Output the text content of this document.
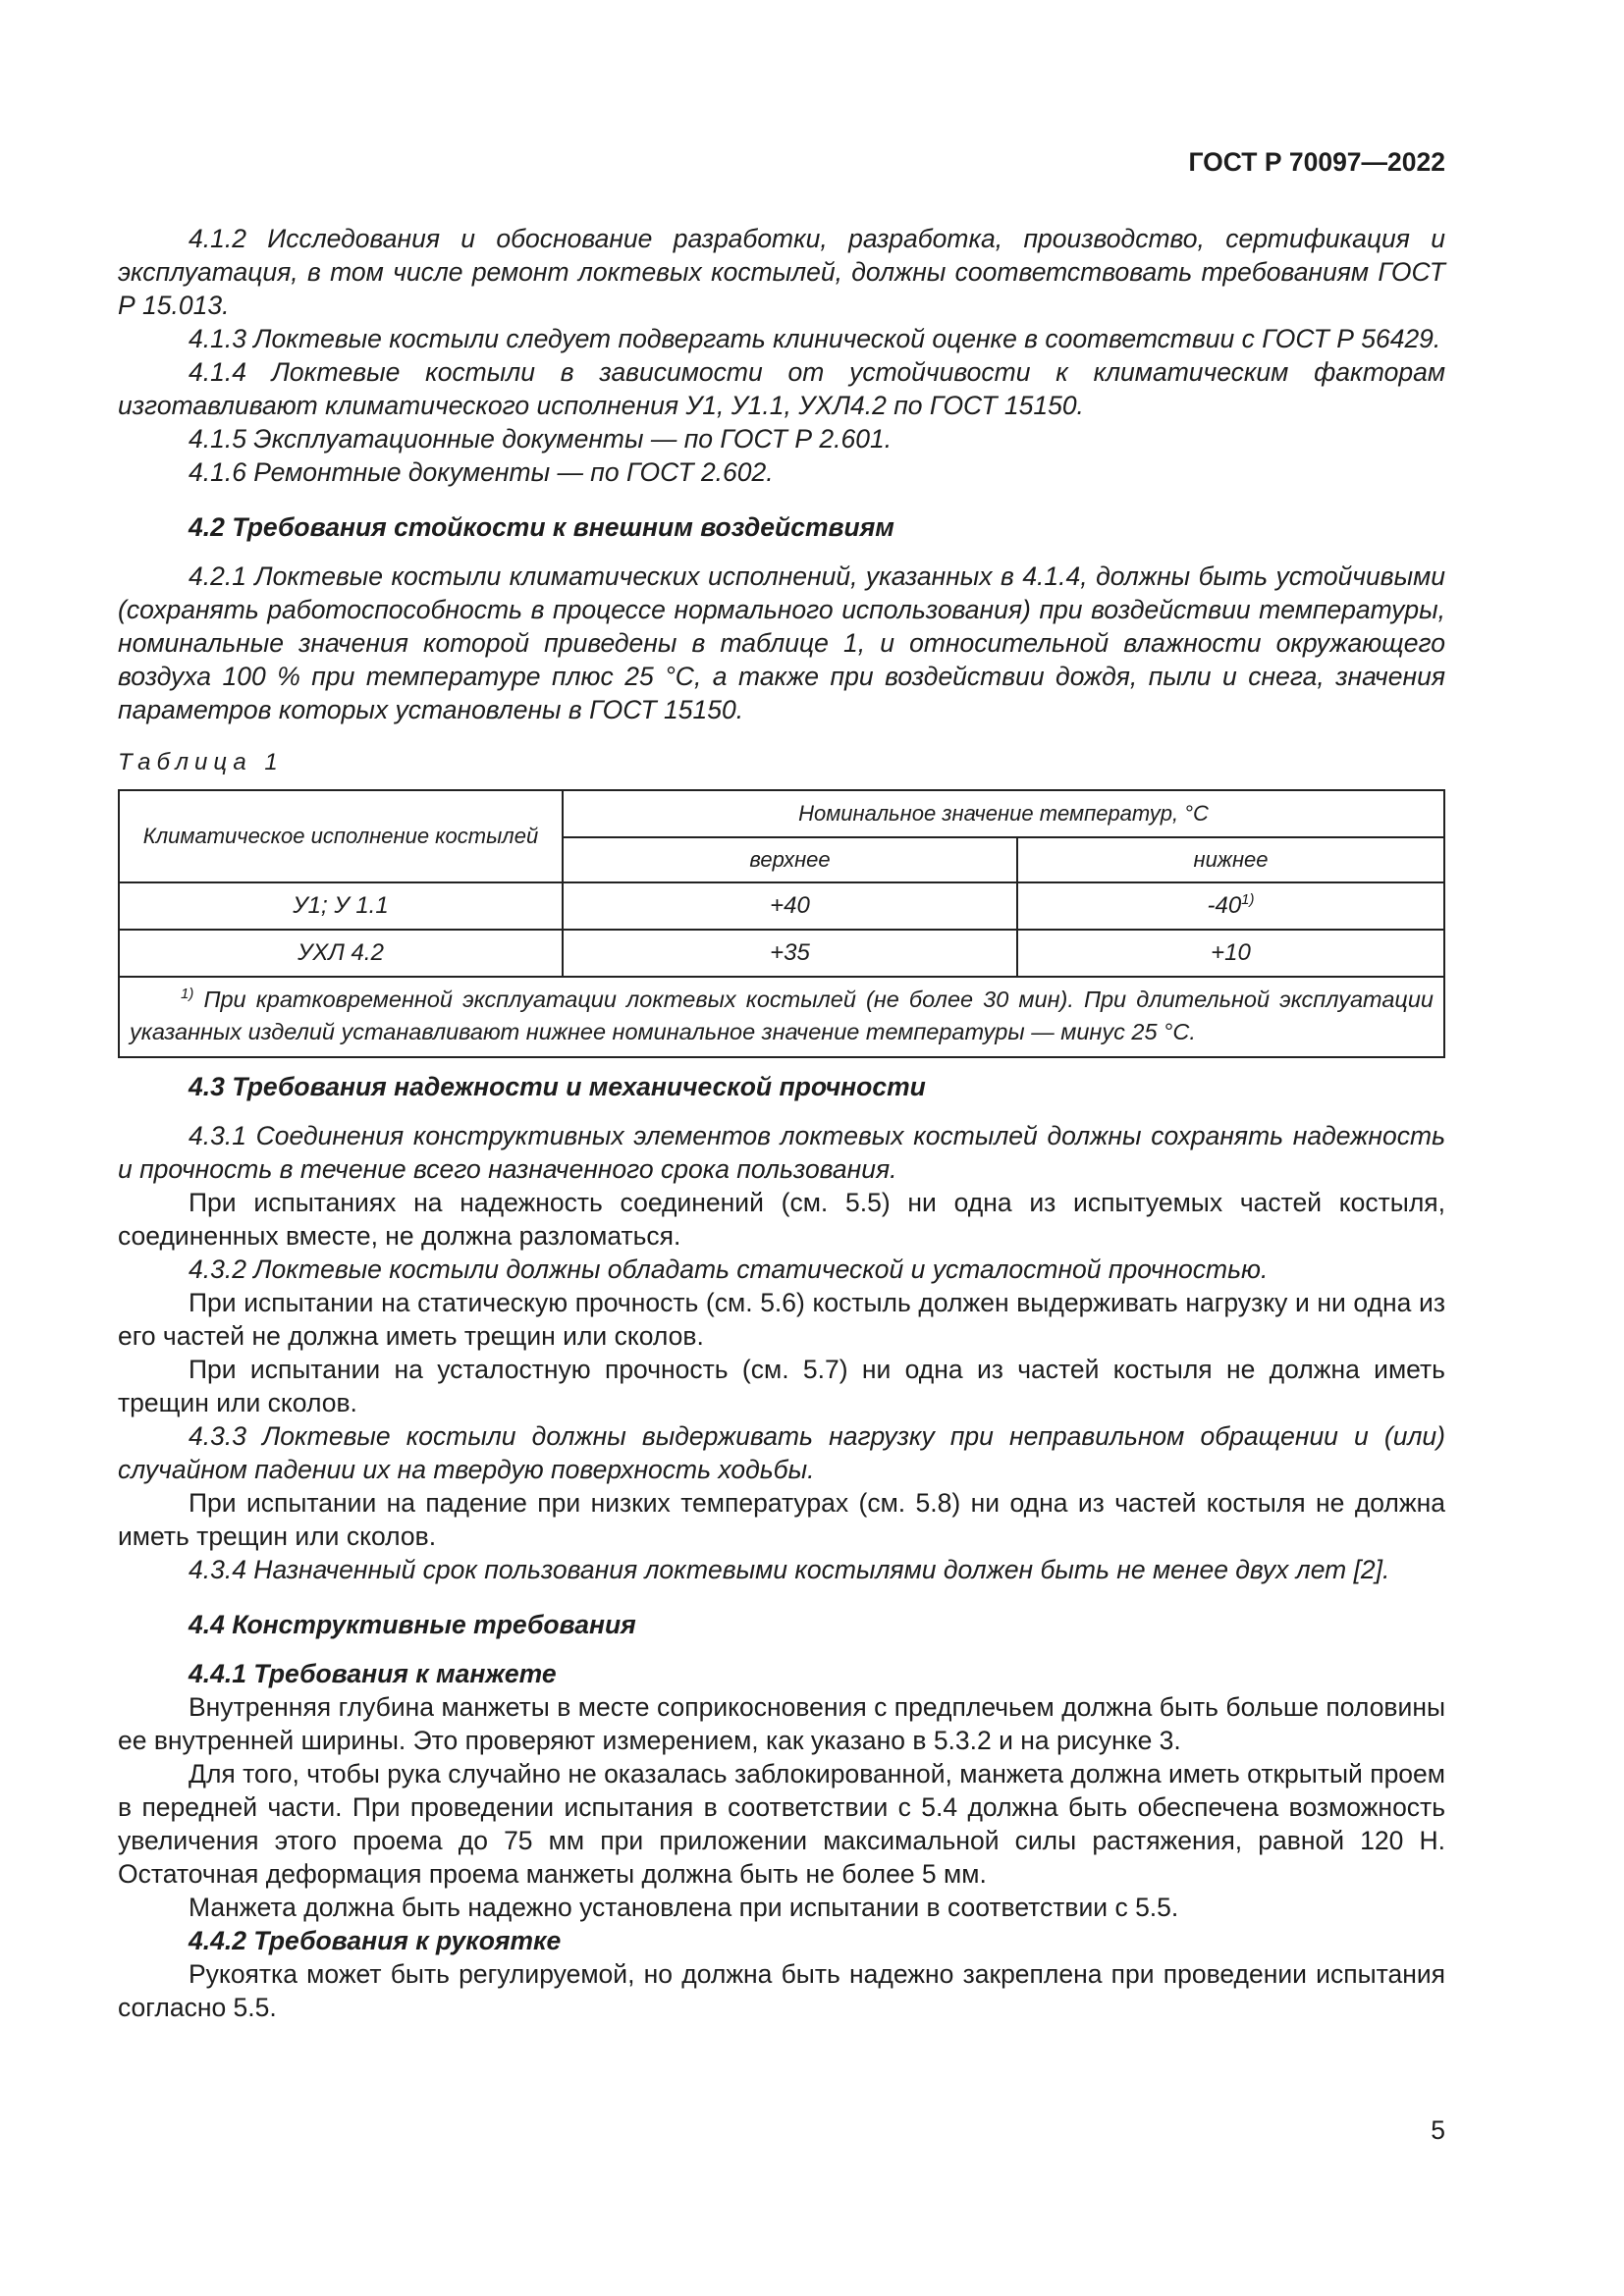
ГОСТ Р 70097—2022

4.1.2 Исследования и обоснование разработки, разработка, производство, сертификация и эксплуатация, в том числе ремонт локтевых костылей, должны соответствовать требованиям ГОСТ Р 15.013.

4.1.3 Локтевые костыли следует подвергать клинической оценке в соответствии с ГОСТ Р 56429.

4.1.4 Локтевые костыли в зависимости от устойчивости к климатическим факторам изготавливают климатического исполнения У1, У1.1, УХЛ4.2 по ГОСТ 15150.

4.1.5 Эксплуатационные документы — по ГОСТ Р 2.601.

4.1.6 Ремонтные документы — по ГОСТ 2.602.

4.2 Требования стойкости к внешним воздействиям

4.2.1 Локтевые костыли климатических исполнений, указанных в 4.1.4, должны быть устойчивыми (сохранять работоспособность в процессе нормального использования) при воздействии температуры, номинальные значения которой приведены в таблице 1, и относительной влажности окружающего воздуха 100 % при температуре плюс 25 °С, а также при воздействии дождя, пыли и снега, значения параметров которых установлены в ГОСТ 15150.

Таблица 1
Климатическое исполнение костылей	Номинальное значение температур, °С	
	верхнее	нижнее
У1; У 1.1	+40	-40$^{1)}$
УХЛ 4.2	+35	+10
$^{1)}$ При кратковременной эксплуатации локтевых костылей (не более 30 мин). При длительной эксплуатации указанных изделий устанавливают нижнее номинальное значение температуры — минус 25 °С.		

4.3 Требования надежности и механической прочности

4.3.1 Соединения конструктивных элементов локтевых костылей должны сохранять надежность и прочность в течение всего назначенного срока пользования.

При испытаниях на надежность соединений (см. 5.5) ни одна из испытуемых частей костыля, соединенных вместе, не должна разломаться.

4.3.2 Локтевые костыли должны обладать статической и усталостной прочностью.

При испытании на статическую прочность (см. 5.6) костыль должен выдерживать нагрузку и ни одна из его частей не должна иметь трещин или сколов.

При испытании на усталостную прочность (см. 5.7) ни одна из частей костыля не должна иметь трещин или сколов.

4.3.3 Локтевые костыли должны выдерживать нагрузку при неправильном обращении и (или) случайном падении их на твердую поверхность ходьбы.

При испытании на падение при низких температурах (см. 5.8) ни одна из частей костыля не должна иметь трещин или сколов.

4.3.4 Назначенный срок пользования локтевыми костылями должен быть не менее двух лет [2].

4.4 Конструктивные требования

4.4.1 Требования к манжете

Внутренняя глубина манжеты в месте соприкосновения с предплечьем должна быть больше половины ее внутренней ширины. Это проверяют измерением, как указано в 5.3.2 и на рисунке 3.

Для того, чтобы рука случайно не оказалась заблокированной, манжета должна иметь открытый проем в передней части. При проведении испытания в соответствии с 5.4 должна быть обеспечена возможность увеличения этого проема до 75 мм при приложении максимальной силы растяжения, равной 120 Н. Остаточная деформация проема манжеты должна быть не более 5 мм.

Манжета должна быть надежно установлена при испытании в соответствии с 5.5.

4.4.2 Требования к рукоятке

Рукоятка может быть регулируемой, но должна быть надежно закреплена при проведении испытания согласно 5.5.

5
